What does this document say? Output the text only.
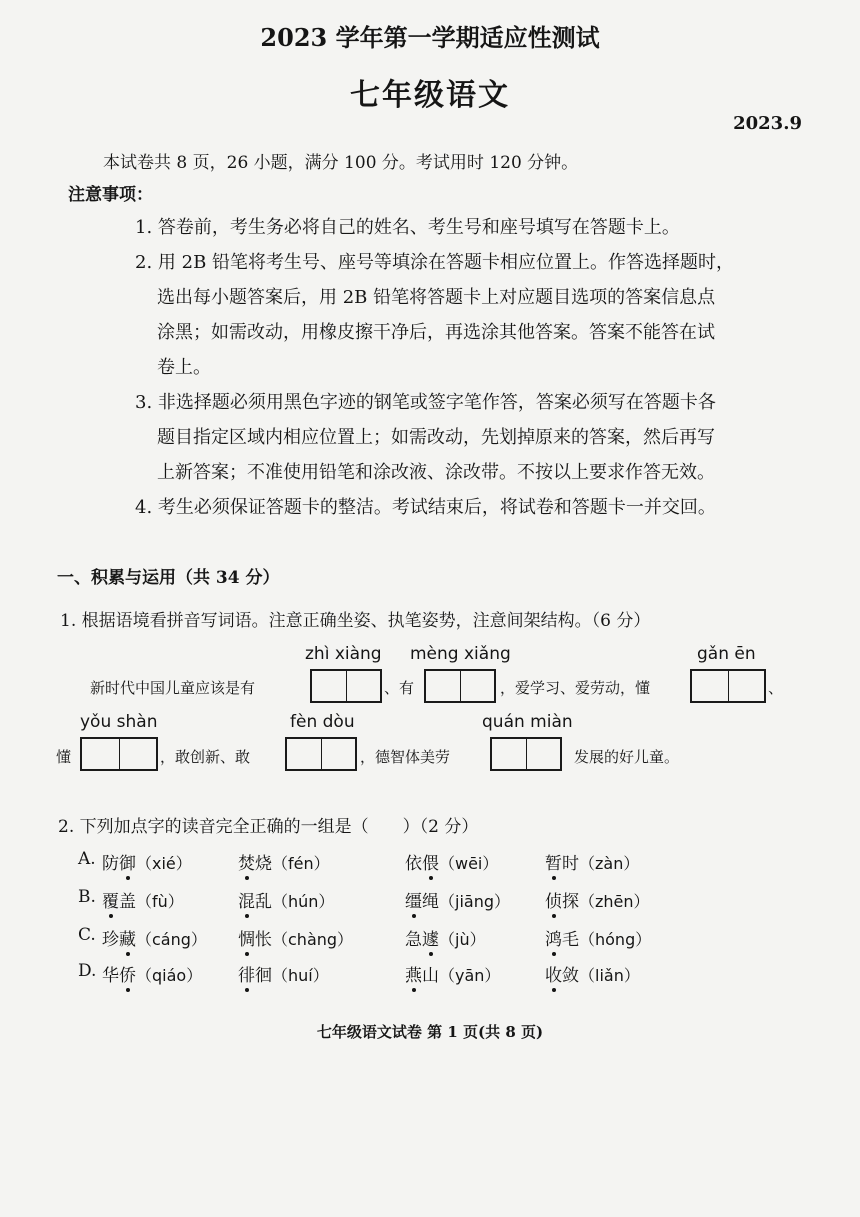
2023 学年第一学期适应性测试
七年级语文
2023.9
本试卷共 8 页，26 小题，满分 100 分。考试用时 120 分钟。
注意事项：
1. 答卷前，考生务必将自己的姓名、考生号和座号填写在答题卡上。
2. 用 2B 铅笔将考生号、座号等填涂在答题卡相应位置上。作答选择题时，
选出每小题答案后，用 2B 铅笔将答题卡上对应题目选项的答案信息点
涂黑；如需改动，用橡皮擦干净后，再选涂其他答案。答案不能答在试
卷上。
3. 非选择题必须用黑色字迹的钢笔或签字笔作答，答案必须写在答题卡各
题目指定区域内相应位置上；如需改动，先划掉原来的答案，然后再写
上新答案；不准使用铅笔和涂改液、涂改带。不按以上要求作答无效。
4. 考生必须保证答题卡的整洁。考试结束后，将试卷和答题卡一并交回。
一、积累与运用（共 34 分）
1. 根据语境看拼音写词语。注意正确坐姿、执笔姿势，注意间架结构。（6 分）
zhì xiàng mèng xiǎng	gǎn ēn
新时代中国儿童应该是有	、有	，爱学习、爱劳动，懂	、
yǒu shàn	fèn dòu	quán miàn
懂	，敢创新、敢	，德智体美劳	发展的好儿童。
2. 下列加点字的读音完全正确的一组是（　　）（2 分）
A. 防御（xié）	焚烧（fén）	依偎（wēi）	暂时（zàn）
B. 覆盖（fù）	混乱（hún）	缰绳（jiāng） 侦探（zhēn）
C. 珍藏（cáng） 惆怅（chàng）	急遽（jù）	鸿毛（hóng）
D. 华侨（qiáo） 徘徊（huí）	燕山（yān）	收敛（liǎn）
七年级语文试卷 第 1 页(共 8 页)
